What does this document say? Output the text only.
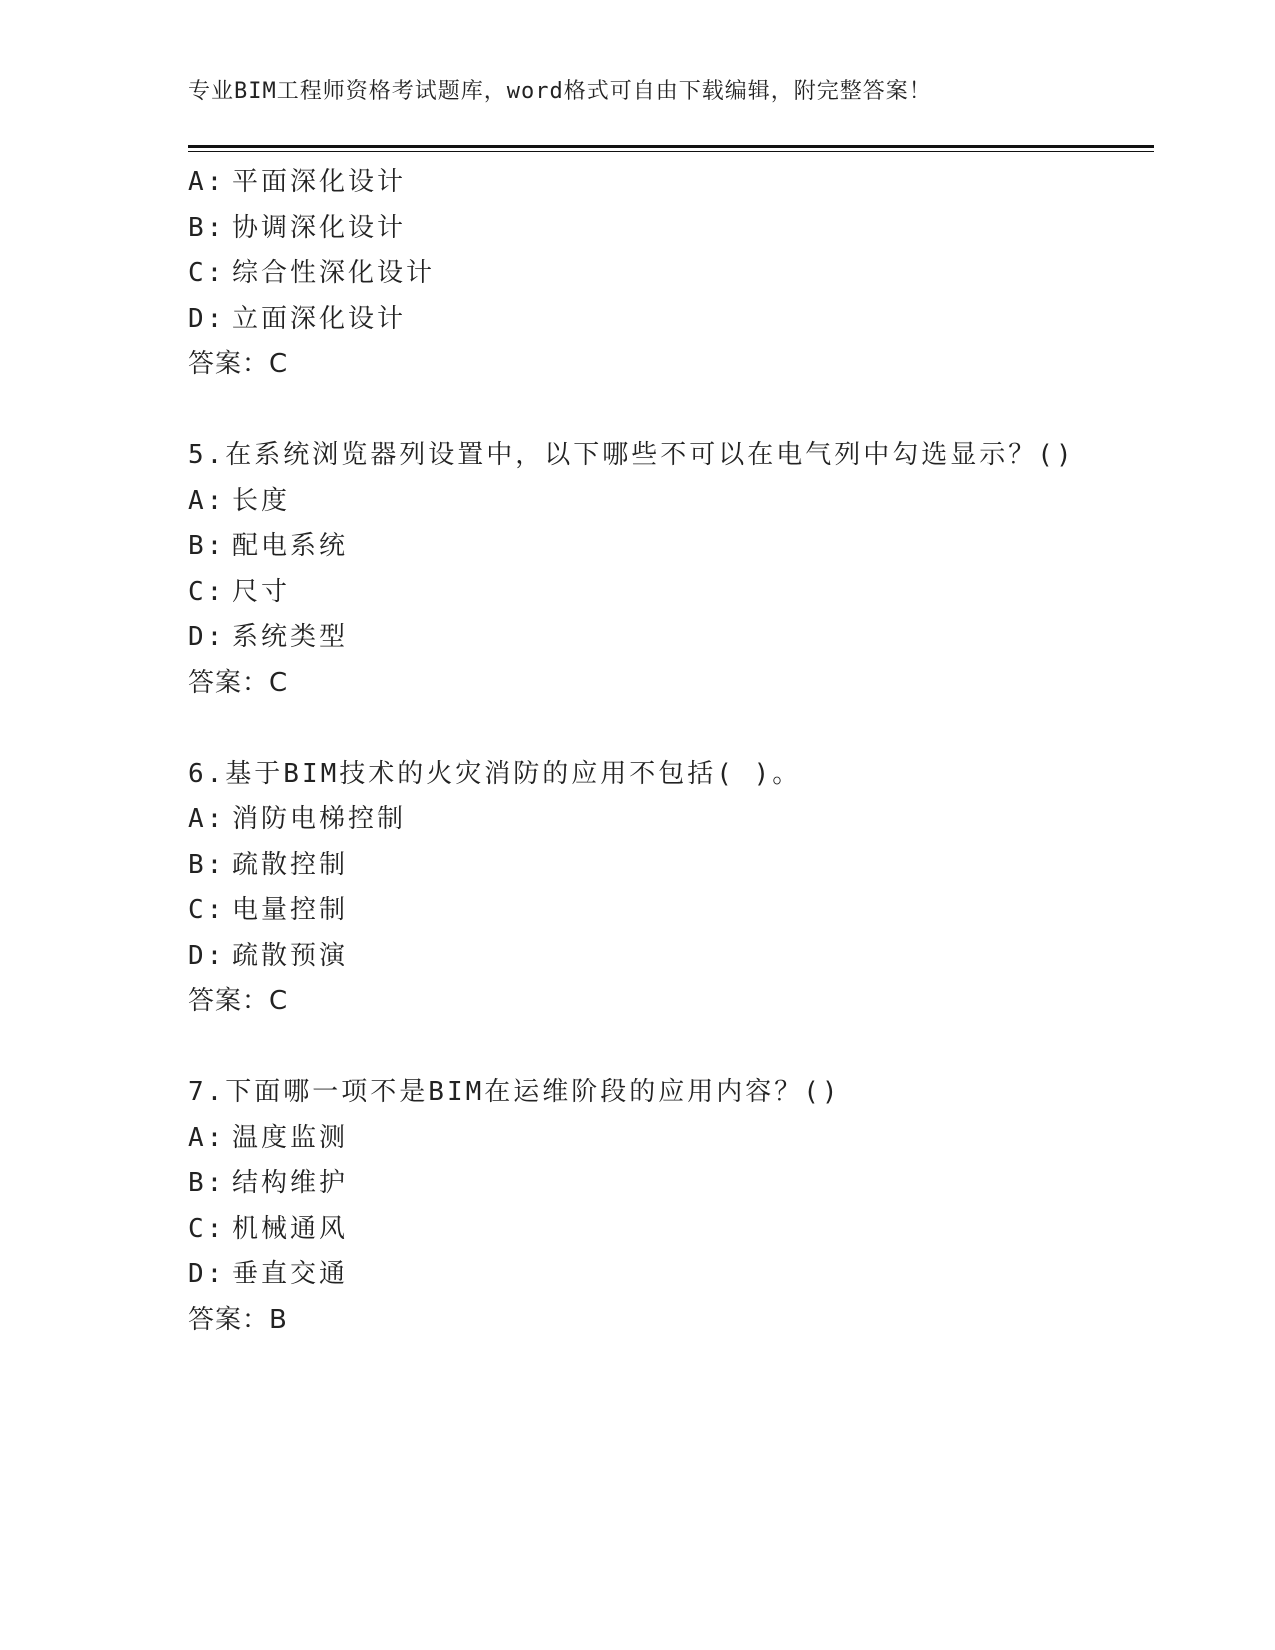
专业BIM工程师资格考试题库，word格式可自由下载编辑，附完整答案！
A: 平面深化设计
B: 协调深化设计
C: 综合性深化设计
D: 立面深化设计
答案：C
5.在系统浏览器列设置中，以下哪些不可以在电气列中勾选显示？()
A: 长度
B: 配电系统
C: 尺寸
D: 系统类型
答案：C
6.基于BIM技术的火灾消防的应用不包括( )。
A: 消防电梯控制
B: 疏散控制
C: 电量控制
D: 疏散预演
答案：C
7.下面哪一项不是BIM在运维阶段的应用内容？()
A: 温度监测
B: 结构维护
C: 机械通风
D: 垂直交通
答案：B
